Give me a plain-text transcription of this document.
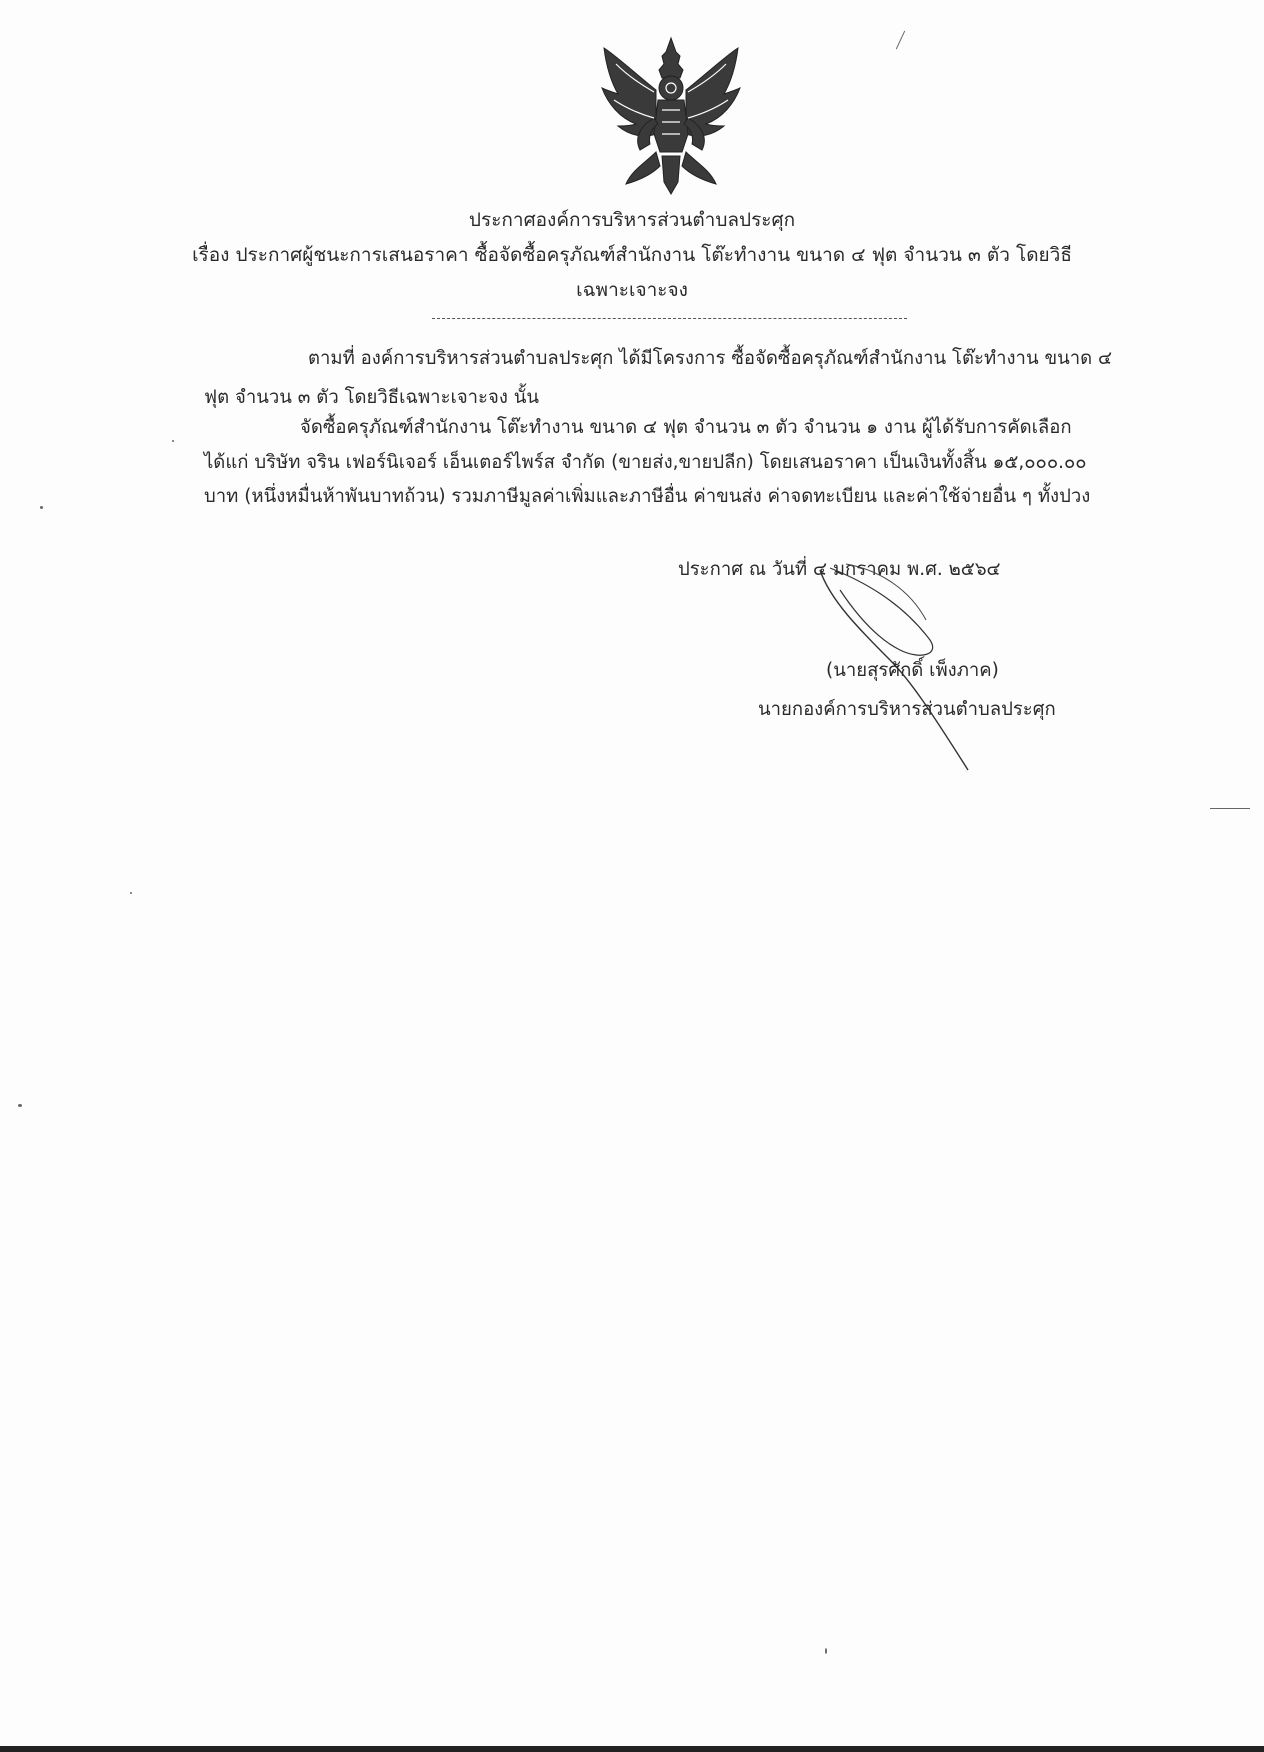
ประกาศองค์การบริหารส่วนตำบลประศุก
เรื่อง ประกาศผู้ชนะการเสนอราคา ซื้อจัดซื้อครุภัณฑ์สำนักงาน โต๊ะทำงาน ขนาด ๔ ฟุต จำนวน ๓ ตัว โดยวิธี
เฉพาะเจาะจง
ตามที่ องค์การบริหารส่วนตำบลประศุก ได้มีโครงการ ซื้อจัดซื้อครุภัณฑ์สำนักงาน โต๊ะทำงาน ขนาด ๔
ฟุต จำนวน ๓ ตัว โดยวิธีเฉพาะเจาะจง นั้น
จัดซื้อครุภัณฑ์สำนักงาน โต๊ะทำงาน ขนาด ๔ ฟุต จำนวน ๓ ตัว จำนวน ๑ งาน ผู้ได้รับการคัดเลือก
ได้แก่ บริษัท จริน เฟอร์นิเจอร์ เอ็นเตอร์ไพร์ส จำกัด (ขายส่ง,ขายปลีก) โดยเสนอราคา เป็นเงินทั้งสิ้น ๑๕,๐๐๐.๐๐
บาท (หนึ่งหมื่นห้าพันบาทถ้วน) รวมภาษีมูลค่าเพิ่มและภาษีอื่น ค่าขนส่ง ค่าจดทะเบียน และค่าใช้จ่ายอื่น ๆ ทั้งปวง
ประกาศ ณ วันที่ ๔ มกราคม พ.ศ. ๒๕๖๔
(นายสุรศักดิ์ เพ็งภาค)
นายกองค์การบริหารส่วนตำบลประศุก
